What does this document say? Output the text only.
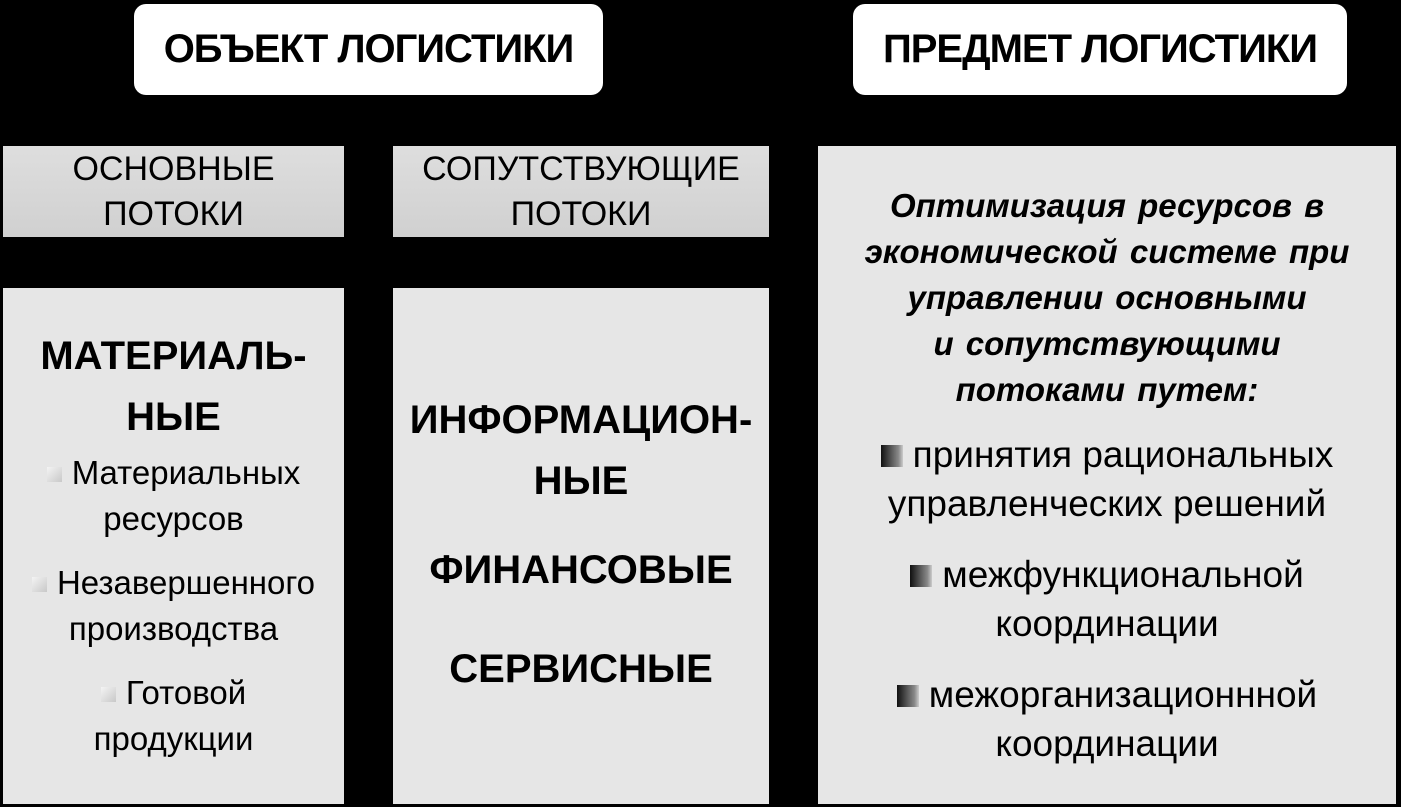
ОБЪЕКТ ЛОГИСТИКИ	ПРЕДМЕТ ЛОГИСТИКИ
ОСНОВНЫЕ
ПОТОКИ
СОПУТСТВУЮЩИЕ
ПОТОКИ
МАТЕРИАЛЬ-
НЫЕ
Материальных
ресурсов
Незавершенного
производства
Готовой
продукции
ИНФОРМАЦИОН-
НЫЕ
ФИНАНСОВЫЕ
СЕРВИСНЫЕ
Оптимизация ресурсов в
экономической системе при
управлении основными
и сопутствующими
потоками путем:
принятия рациональных
управленческих решений
межфункциональной
координации
межорганизационнной
координации
